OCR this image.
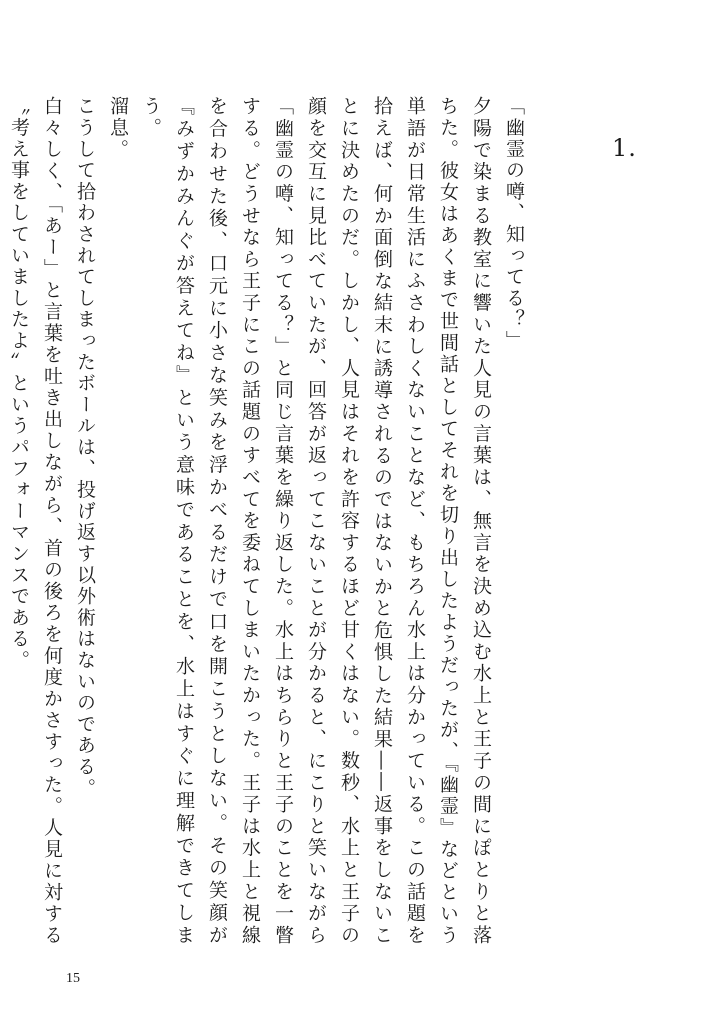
1.

「幽霊の噂、知ってる？」

夕陽で染まる教室に響いた人見の言葉は、無言を決め込む水上と王子の間にぽとりと落ちた。彼女はあくまで世間話としてそれを切り出したようだったが、『幽霊』などという単語が日常生活にふさわしくないことなど、もちろん水上は分かっている。この話題を拾えば、何か面倒な結末に誘導されるのではないかと危惧した結果――返事をしないことに決めたのだ。しかし、人見はそれを許容するほど甘くはない。数秒、水上と王子の顔を交互に見比べていたが、回答が返ってこないことが分かると、にこりと笑いながら「幽霊の噂、知ってる？」と同じ言葉を繰り返した。水上はちらりと王子のことを一瞥する。どうせなら王子にこの話題のすべてを委ねてしまいたかった。王子は水上と視線を合わせた後、口元に小さな笑みを浮かべるだけで口を開こうとしない。その笑顔が『みずかみんぐが答えてね』という意味であることを、水上はすぐに理解できてしまう。

溜息。

こうして拾わされてしまったボールは、投げ返す以外術はないのである。

白々しく、「あー」と言葉を吐き出しながら、首の後ろを何度かさすった。人見に対する〝考え事をしていましたよ〟というパフォーマンスである。

15
